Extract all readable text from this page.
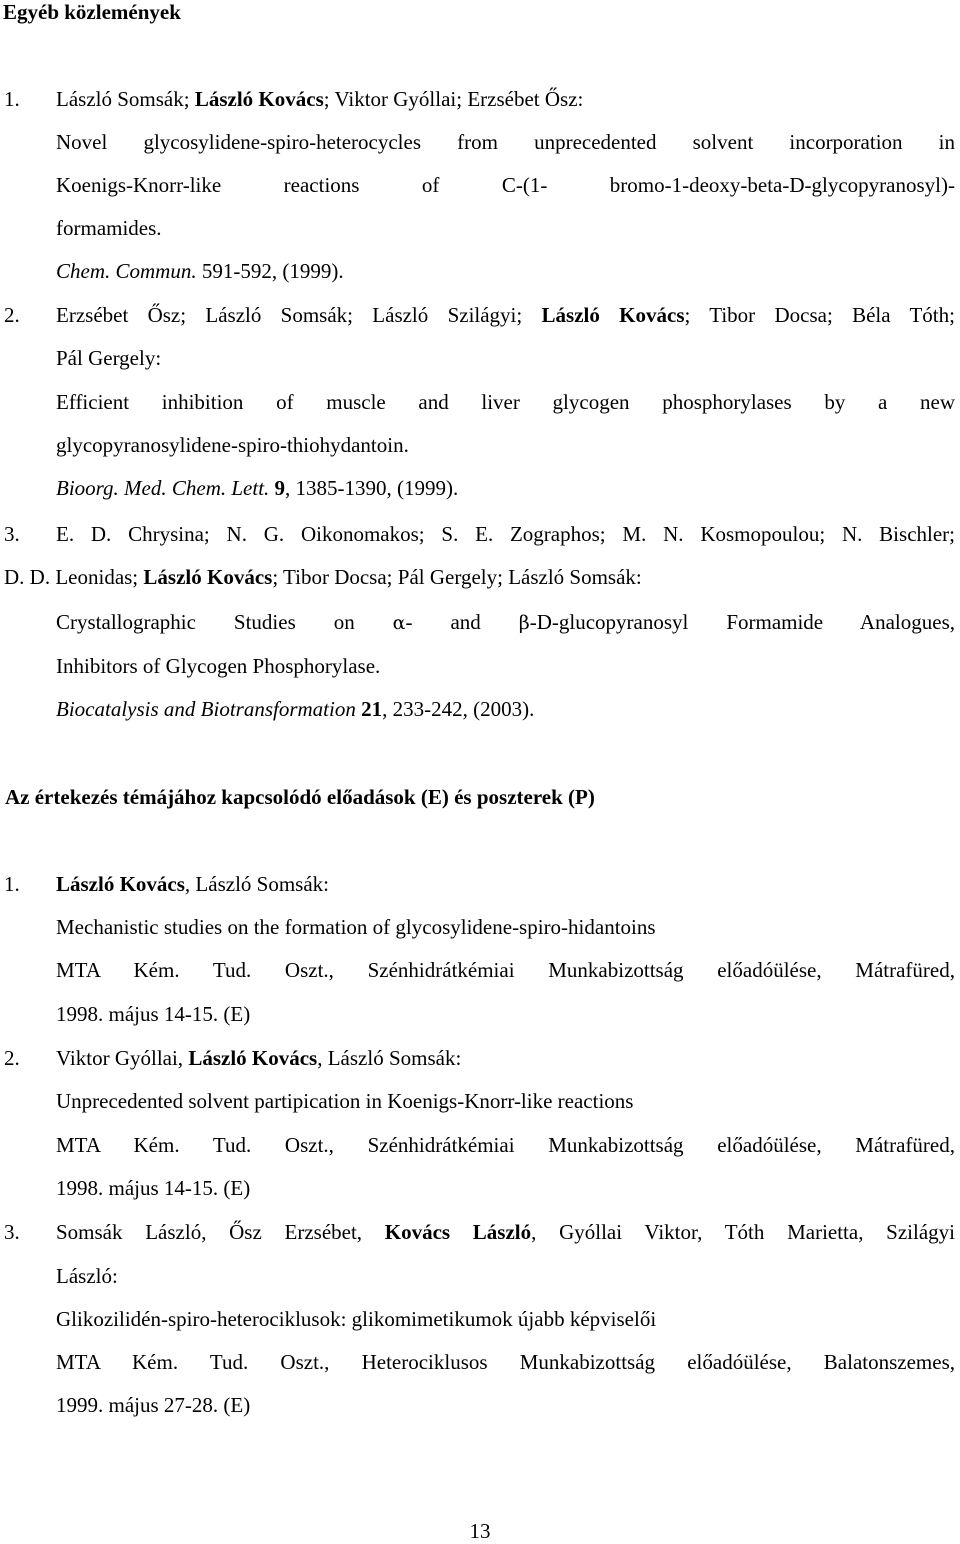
Egyéb közlemények
1. László Somsák; László Kovács; Viktor Gyóllai; Erzsébet Ősz:
Novel glycosylidene-spiro-heterocycles from unprecedented solvent incorporation in
Koenigs-Knorr-like reactions of C-(1- bromo-1-deoxy-beta-D-glycopyranosyl)-
formamides.
Chem. Commun. 591-592, (1999).
2. Erzsébet Ősz; László Somsák; László Szilágyi; László Kovács; Tibor Docsa; Béla Tóth;
Pál Gergely:
Efficient inhibition of muscle and liver glycogen phosphorylases by a new
glycopyranosylidene-spiro-thiohydantoin.
Bioorg. Med. Chem. Lett. 9, 1385-1390, (1999).
3. E. D. Chrysina; N. G. Oikonomakos; S. E. Zographos; M. N. Kosmopoulou; N. Bischler;
D. D. Leonidas; László Kovács; Tibor Docsa; Pál Gergely; László Somsák:
Crystallographic Studies on α- and β-D-glucopyranosyl Formamide Analogues,
Inhibitors of Glycogen Phosphorylase.
Biocatalysis and Biotransformation 21, 233-242, (2003).
Az értekezés témájához kapcsolódó előadások (E) és poszterek (P)
1. László Kovács, László Somsák:
Mechanistic studies on the formation of glycosylidene-spiro-hidantoins
MTA Kém. Tud. Oszt., Szénhidrátkémiai Munkabizottság előadóülése, Mátrafüred,
1998. május 14-15. (E)
2. Viktor Gyóllai, László Kovács, László Somsák:
Unprecedented solvent partipication in Koenigs-Knorr-like reactions
MTA Kém. Tud. Oszt., Szénhidrátkémiai Munkabizottság előadóülése, Mátrafüred,
1998. május 14-15. (E)
3. Somsák László, Ősz Erzsébet, Kovács László, Gyóllai Viktor, Tóth Marietta, Szilágyi
László:
Glikozilidén-spiro-heterociklusok: glikomimetikumok újabb képviselői
MTA Kém. Tud. Oszt., Heterociklusos Munkabizottság előadóülése, Balatonszemes,
1999. május 27-28. (E)
13
